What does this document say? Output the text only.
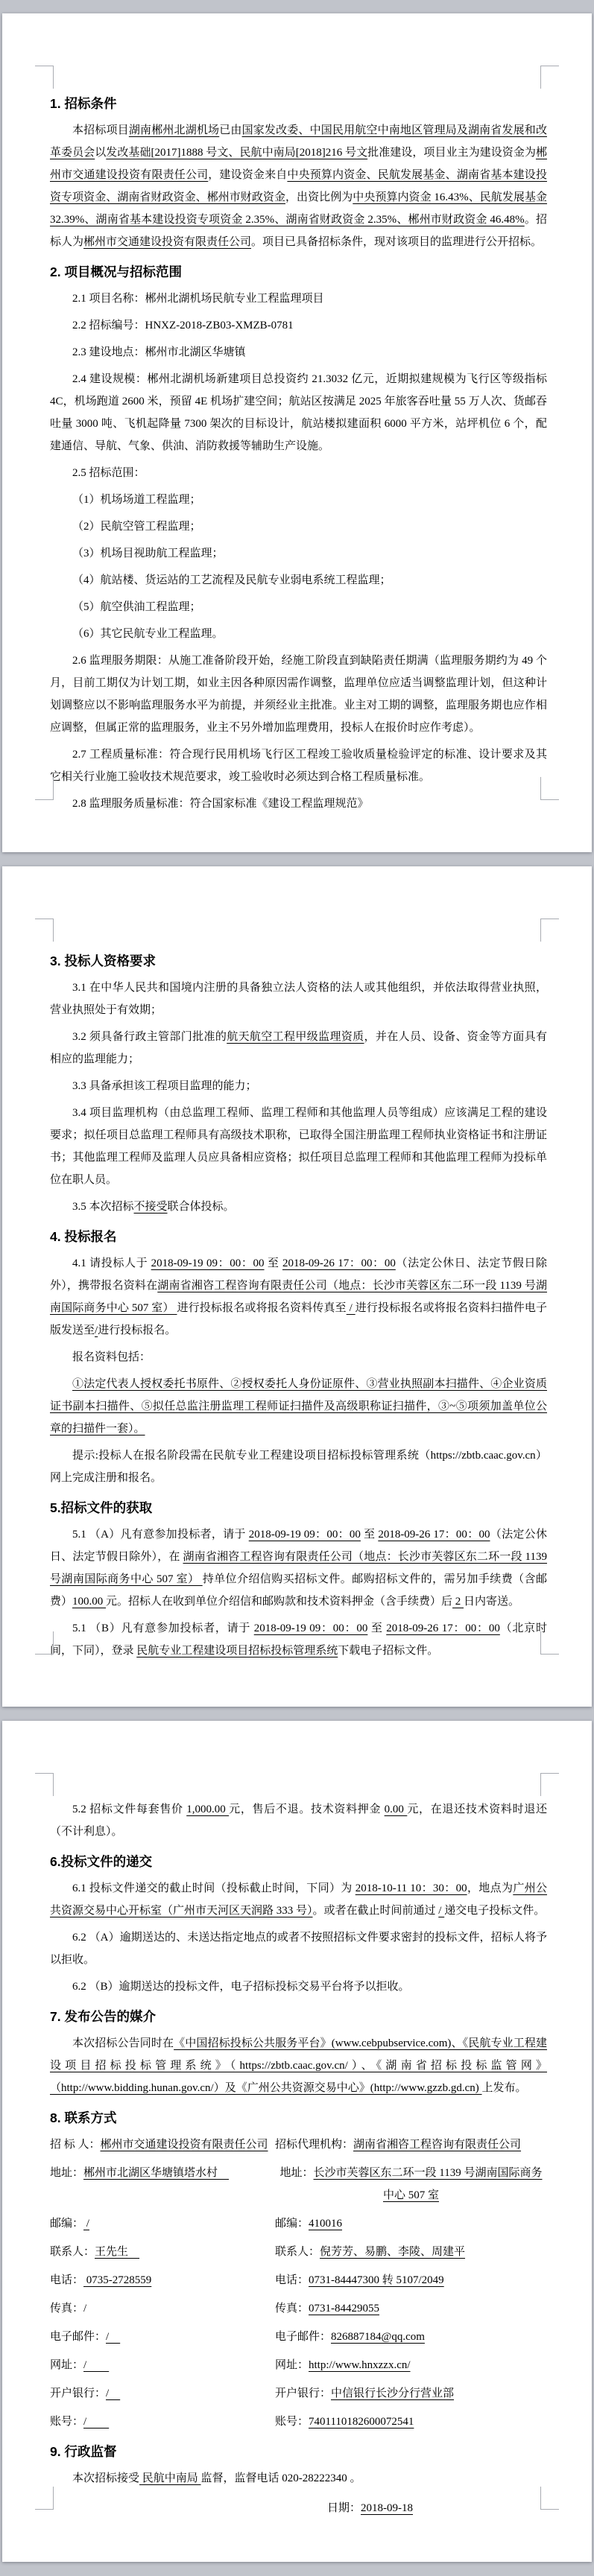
1. 招标条件
本招标项目湖南郴州北湖机场已由国家发改委、中国民用航空中南地区管理局及湖南省发展和改革委员会以发改基础[2017]1888 号文、民航中南局[2018]216 号文批准建设，项目业主为建设资金为郴州市交通建设投资有限责任公司，建设资金来自中央预算内资金、民航发展基金、湖南省基本建设投资专项资金、湖南省财政资金、郴州市财政资金，出资比例为中央预算内资金 16.43%、民航发展基金 32.39%、湖南省基本建设投资专项资金 2.35%、湖南省财政资金 2.35%、郴州市财政资金 46.48%。招标人为郴州市交通建设投资有限责任公司。项目已具备招标条件，现对该项目的监理进行公开招标。
2. 项目概况与招标范围
2.1 项目名称：郴州北湖机场民航专业工程监理项目
2.2 招标编号：HNXZ-2018-ZB03-XMZB-0781
2.3 建设地点：郴州市北湖区华塘镇
2.4 建设规模：郴州北湖机场新建项目总投资约 21.3032 亿元，近期拟建规模为飞行区等级指标 4C，机场跑道 2600 米，预留 4E 机场扩建空间；航站区按满足 2025 年旅客吞吐量 55 万人次、货邮吞吐量 3000 吨、飞机起降量 7300 架次的目标设计，航站楼拟建面积 6000 平方米，站坪机位 6 个，配建通信、导航、气象、供油、消防救援等辅助生产设施。
2.5 招标范围：
（1）机场场道工程监理；
（2）民航空管工程监理；
（3）机场目视助航工程监理；
（4）航站楼、货运站的工艺流程及民航专业弱电系统工程监理；
（5）航空供油工程监理；
（6）其它民航专业工程监理。
2.6 监理服务期限：从施工准备阶段开始，经施工阶段直到缺陷责任期满（监理服务期约为 49 个月，目前工期仅为计划工期，如业主因各种原因需作调整，监理单位应适当调整监理计划，但这种计划调整应以不影响监理服务水平为前提，并须经业主批准。业主对工期的调整，监理服务期也应作相应调整，但属正常的监理服务，业主不另外增加监理费用，投标人在报价时应作考虑）。
2.7 工程质量标准：符合现行民用机场飞行区工程竣工验收质量检验评定的标准、设计要求及其它相关行业施工验收技术规范要求，竣工验收时必须达到合格工程质量标准。
2.8 监理服务质量标准：符合国家标准《建设工程监理规范》
3. 投标人资格要求
3.1 在中华人民共和国境内注册的具备独立法人资格的法人或其他组织，并依法取得营业执照，营业执照处于有效期；
3.2 须具备行政主管部门批准的航天航空工程甲级监理资质，并在人员、设备、资金等方面具有相应的监理能力；
3.3 具备承担该工程项目监理的能力；
3.4 项目监理机构（由总监理工程师、监理工程师和其他监理人员等组成）应该满足工程的建设要求；拟任项目总监理工程师具有高级技术职称，已取得全国注册监理工程师执业资格证书和注册证书；其他监理工程师及监理人员应具备相应资格；拟任项目总监理工程师和其他监理工程师为投标单位在职人员。
3.5 本次招标不接受联合体投标。
4. 投标报名
4.1 请投标人于 2018-09-19 09：00：00 至 2018-09-26 17：00：00（法定公休日、法定节假日除外），携带报名资料在湖南省湘咨工程咨询有限责任公司（地点：长沙市芙蓉区东二环一段 1139 号湖南国际商务中心 507 室） 进行投标报名或将报名资料传真至 / 进行投标报名或将报名资料扫描件电子版发送至/进行投标报名。
报名资料包括：
①法定代表人授权委托书原件、②授权委托人身份证原件、③营业执照副本扫描件、④企业资质证书副本扫描件、⑤拟任总监注册监理工程师证扫描件及高级职称证扫描件，③~⑤项须加盖单位公章的扫描件一套）。
提示:投标人在报名阶段需在民航专业工程建设项目招标投标管理系统（https://zbtb.caac.gov.cn）网上完成注册和报名。
5.招标文件的获取
5.1 （A）凡有意参加投标者，请于 2018-09-19 09：00：00 至 2018-09-26 17：00：00（法定公休日、法定节假日除外），在 湖南省湘咨工程咨询有限责任公司（地点：长沙市芙蓉区东二环一段 1139 号湖南国际商务中心 507 室） 持单位介绍信购买招标文件。邮购招标文件的，需另加手续费（含邮费）100.00 元。招标人在收到单位介绍信和邮购款和技术资料押金（含手续费）后 2 日内寄送。
5.1 （B）凡有意参加投标者，请于 2018-09-19 09：00：00 至 2018-09-26 17：00：00（北京时间，下同），登录 民航专业工程建设项目招标投标管理系统下载电子招标文件。
5.2 招标文件每套售价 1,000.00 元，售后不退。技术资料押金 0.00 元，在退还技术资料时退还（不计利息）。
6.投标文件的递交
6.1 投标文件递交的截止时间（投标截止时间，下同）为 2018-10-11 10：30：00，地点为广州公共资源交易中心开标室（广州市天河区天润路 333 号）。或者在截止时间前通过 / 递交电子投标文件。
6.2 （A）逾期送达的、未送达指定地点的或者不按照招标文件要求密封的投标文件，招标人将予以拒收。
6.2 （B）逾期送达的投标文件，电子招标投标交易平台将予以拒收。
7. 发布公告的媒介
本次招标公告同时在《中国招标投标公共服务平台》(www.cebpubservice.com)、《民航专业工程建设项目招标投标管理系统》（https://zbtb.caac.gov.cn/）、《湖南省招标投标监管网》（http://www.bidding.hunan.gov.cn/）及《广州公共资源交易中心》(http://www.gzzb.gd.cn) 上发布。
8. 联系方式
招 标 人：郴州市交通建设投资有限责任公司 招标代理机构：湖南省湘咨工程咨询有限责任公司
地址：郴州市北湖区华塘镇塔水村　	地址：长沙市芙蓉区东二环一段 1139 号湖南国际商务中心 507 室
邮编： /	邮编：410016
联系人：王先生　	联系人：倪芳芳、易鹏、李陵、周建平
电话： 0735-2728559	电话：0731-84447300 转 5107/2049
传真：/	传真：0731-84429055
电子邮件：/　	电子邮件：826887184@qq.com
网址：/　　	网址：http://www.hnxzzx.cn/
开户银行：/　	开户银行：中信银行长沙分行营业部
账号：/　　	账号：7401110182600072541
9. 行政监督
本次招标接受 民航中南局 监督，监督电话 020-28222340 。
日期：2018-09-18
